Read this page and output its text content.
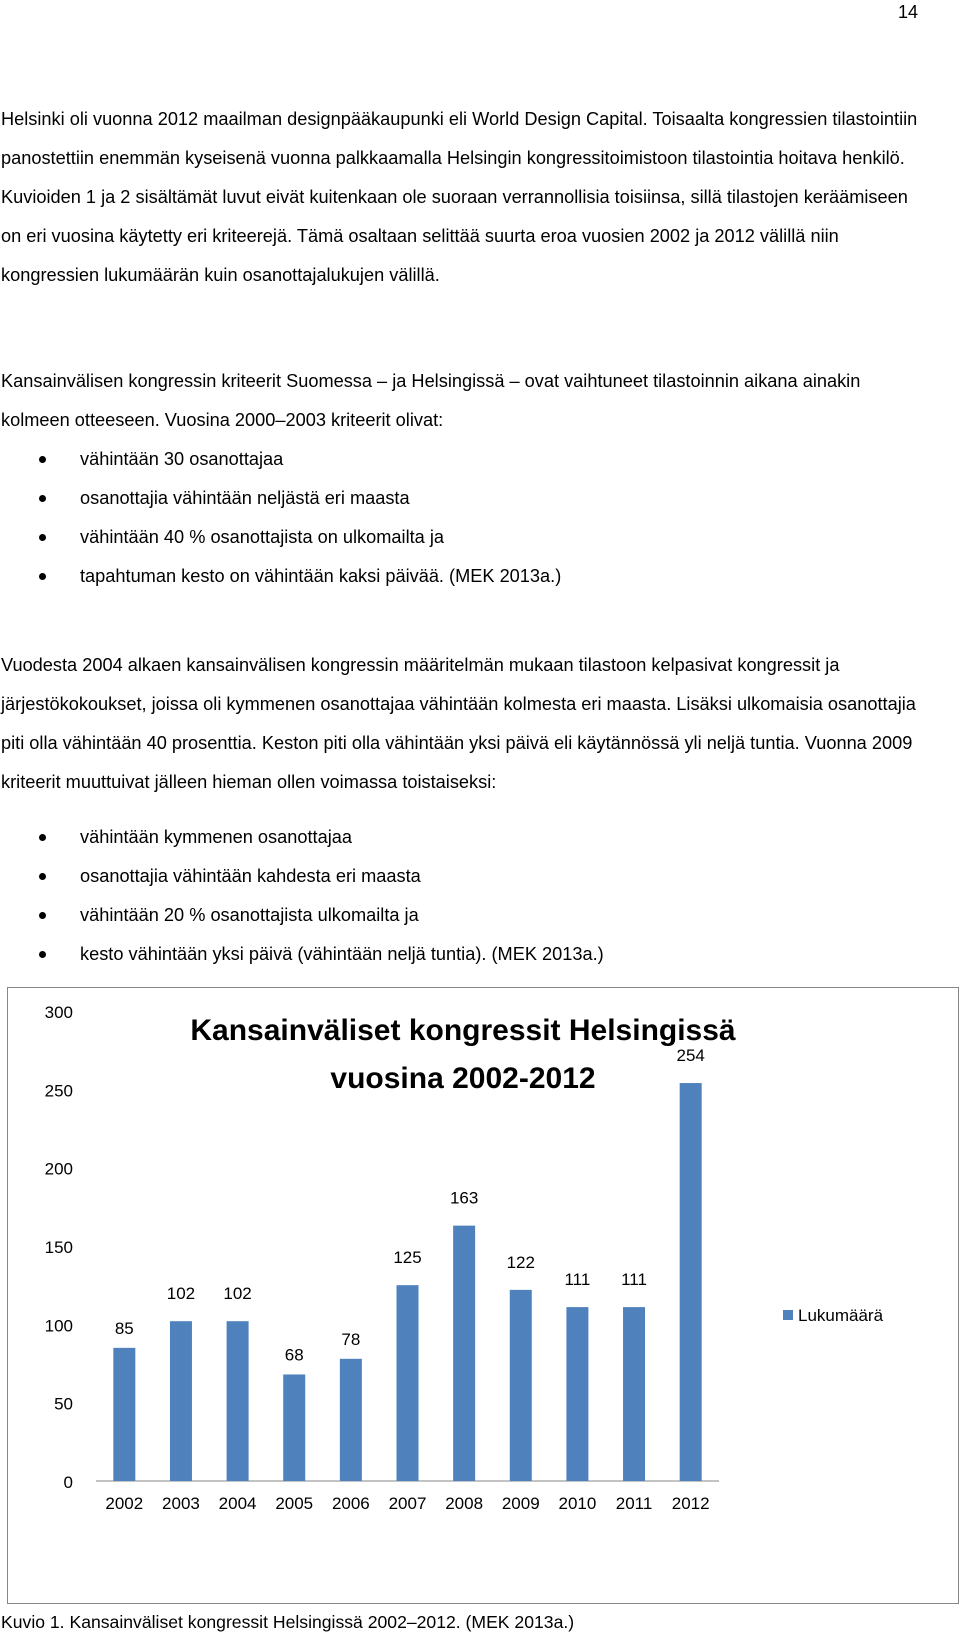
14

Helsinki oli vuonna 2012 maailman designpääkaupunki eli World Design Capital. Toisaalta kongressien tilastointiin panostettiin enemmän kyseisenä vuonna palkkaamalla Helsingin kongressitoimistoon tilastointia hoitava henkilö. Kuvioiden 1 ja 2 sisältämät luvut eivät kuitenkaan ole suoraan verrannollisia toisiinsa, sillä tilastojen keräämiseen on eri vuosina käytetty eri kriteerejä. Tämä osaltaan selittää suurta eroa vuosien 2002 ja 2012 välillä niin kongressien lukumäärän kuin osanottajalukujen välillä.

Kansainvälisen kongressin kriteerit Suomessa – ja Helsingissä – ovat vaihtuneet tilastoinnin aikana ainakin kolmeen otteeseen. Vuosina 2000–2003 kriteerit olivat:

vähintään 30 osanottajaa
osanottajia vähintään neljästä eri maasta
vähintään 40 % osanottajista on ulkomailta ja
tapahtuman kesto on vähintään kaksi päivää. (MEK 2013a.)

Vuodesta 2004 alkaen kansainvälisen kongressin määritelmän mukaan tilastoon kelpasivat kongressit ja järjestökokoukset, joissa oli kymmenen osanottajaa vähintään kolmesta eri maasta. Lisäksi ulkomaisia osanottajia piti olla vähintään 40 prosenttia. Keston piti olla vähintään yksi päivä eli käytännössä yli neljä tuntia. Vuonna 2009 kriteerit muuttuivat jälleen hieman ollen voimassa toistaiseksi:

vähintään kymmenen osanottajaa
osanottajia vähintään kahdesta eri maasta
vähintään 20 % osanottajista ulkomailta ja
kesto vähintään yksi päivä (vähintään neljä tuntia). (MEK 2013a.)
0
50
100
150
200
250
300
2002
85
2003
102
2004
102
2005
68
2006
78
2007
125
2008
163
2009
122
2010
111
2011
111
2012
254
Kansainväliset kongressit Helsingissä
vuosina 2002-2012
Lukumäärä
Kuvio 1. Kansainväliset kongressit Helsingissä 2002–2012. (MEK 2013a.)
